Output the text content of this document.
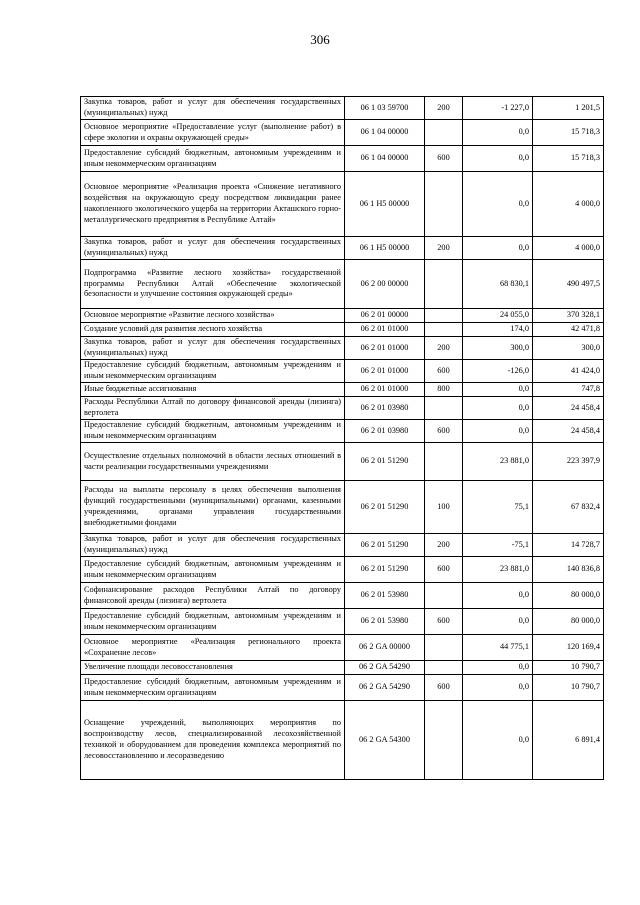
306
Закупка товаров, работ и услуг для обеспечения государственных (муниципальных) нужд	06 1 03 59700	200	-1 227,0	1 201,5
Основное мероприятие «Предоставление услуг (выполнение работ) в сфере экологии и охраны окружающей среды»	06 1 04 00000		0,0	15 718,3
Предоставление субсидий бюджетным, автономным учреждениям и иным некоммерческим организациям	06 1 04 00000	600	0,0	15 718,3
Основное мероприятие «Реализация проекта «Снижение негативного воздействия на окружающую среду посредством ликвидации ранее накопленного экологического ущерба на территории Акташского горно-металлургического предприятия в Республике Алтай»	06 1 Н5 00000		0,0	4 000,0
Закупка товаров, работ и услуг для обеспечения государственных (муниципальных) нужд	06 1 Н5 00000	200	0,0	4 000,0
Подпрограмма «Развитие лесного хозяйства» государственной программы Республики Алтай «Обеспечение экологической безопасности и улучшение состояния окружающей среды»	06 2 00 00000		68 830,1	490 497,5
Основное мероприятие «Развитие лесного хозяйства»	06 2 01 00000		24 055,0	370 328,1
Создание условий для развития лесного хозяйства	06 2 01 01000		174,0	42 471,8
Закупка товаров, работ и услуг для обеспечения государственных (муниципальных) нужд	06 2 01 01000	200	300,0	300,0
Предоставление субсидий бюджетным, автономным учреждениям и иным некоммерческим организациям	06 2 01 01000	600	-126,0	41 424,0
Иные бюджетные ассигнования	06 2 01 01000	800	0,0	747,8
Расходы Республики Алтай по договору финансовой аренды (лизинга) вертолета	06 2 01 03980		0,0	24 458,4
Предоставление субсидий бюджетным, автономным учреждениям и иным некоммерческим организациям	06 2 01 03980	600	0,0	24 458,4
Осуществление отдельных полномочий в области лесных отношений в части реализации государственными учреждениями	06 2 01 51290		23 881,0	223 397,9
Расходы на выплаты персоналу в целях обеспечения выполнения функций государственными (муниципальными) органами, казенными учреждениями, органами управления государственными внебюджетными фондами	06 2 01 51290	100	75,1	67 832,4
Закупка товаров, работ и услуг для обеспечения государственных (муниципальных) нужд	06 2 01 51290	200	-75,1	14 728,7
Предоставление субсидий бюджетным, автономным учреждениям и иным некоммерческим организациям	06 2 01 51290	600	23 881,0	140 836,8
Софинансирование расходов Республики Алтай по договору финансовой аренды (лизинга) вертолета	06 2 01 53980		0,0	80 000,0
Предоставление субсидий бюджетным, автономным учреждениям и иным некоммерческим организациям	06 2 01 53980	600	0,0	80 000,0
Основное мероприятие «Реализация регионального проекта «Сохранение лесов»	06 2 GA 00000		44 775,1	120 169,4
Увеличение площади лесовосстановления	06 2 GA 54290		0,0	10 790,7
Предоставление субсидий бюджетным, автономным учреждениям и иным некоммерческим организациям	06 2 GA 54290	600	0,0	10 790,7
Оснащение учреждений, выполняющих мероприятия по воспроизводству лесов, специализированной лесохозяйственной техникой и оборудованием для проведения комплекса мероприятий по лесовосстановлению и лесоразведению	06 2 GA 54300		0,0	6 891,4
